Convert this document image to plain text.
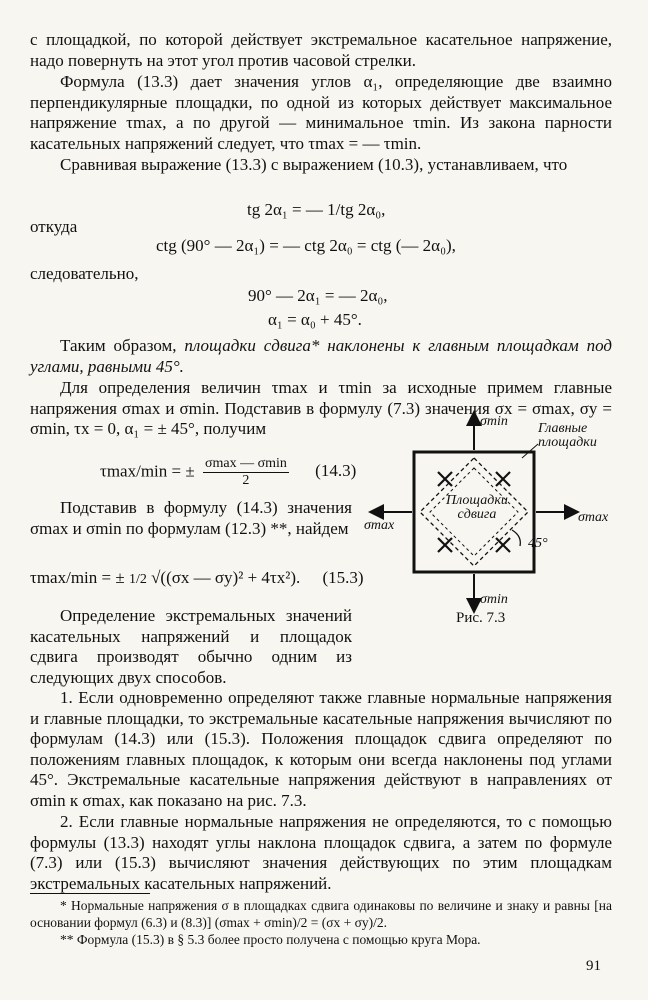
с площадкой, по которой действует экстремальное касательное напряжение, надо повернуть на этот угол против часовой стрелки.

Формула (13.3) дает значения углов α₁, определяющие две взаимно перпендикулярные площадки, по одной из которых действует максимальное напряжение τmax, а по другой — минимальное τmin. Из закона парности касательных напряжений следует, что τmax = — τmin.

Сравнивая выражение (13.3) с выражением (10.3), устанавливаем, что

tg 2α₁ = — 1/tg 2α₀,

откуда

ctg (90° — 2α₁) = — ctg 2α₀ = ctg (— 2α₀),

следовательно,

90° — 2α₁ = — 2α₀,
α₁ = α₀ + 45°.

Таким образом, площадки сдвига* наклонены к главным площадкам под углами, равными 45°.

Для определения величин τmax и τmin за исходные примем главные напряжения σmax и σmin. Подставив в формулу (7.3) значения σx = σmax, σy = σmin, τx = 0, α₁ = ± 45°, получим

τmax/min = ± σmax — σmin
2
(14.3)

Подставив в формулу (14.3) значения σmax и σmin по формулам (12.3) **, найдем

τmax/min = ± 1/2 √((σx — σy)² + 4τx²). (15.3)

Определение экстремальных значений касательных напряжений и площадок сдвига производят обычно одним из следующих двух способов.

1. Если одновременно определяют также главные нормальные напряжения и главные площадки, то экстремальные касательные напряжения вычисляют по формулам (14.3) или (15.3). Положения площадок сдвига определяют по положениям главных площадок, к которым они всегда наклонены под углами 45°. Экстремальные касательные напряжения действуют в направлениях от σmin к σmax, как показано на рис. 7.3.

2. Если главные нормальные напряжения не определяются, то с помощью формулы (13.3) находят углы наклона площадок сдвига, а затем по формуле (7.3) или (15.3) вычисляют значения действующих по этим площадкам экстремальных касательных напряжений.

* Нормальные напряжения σ в площадках сдвига одинаковы по величине и знаку и равны [на основании формул (6.3) и (8.3)] (σmax + σmin)/2 = (σx + σy)/2.

** Формула (15.3) в § 5.3 более просто получена с помощью круга Мора.

91
σmin
σmin
σmax
σmax
Главные
площадки
Площадки
сдвига
45°
Рис. 7.3
